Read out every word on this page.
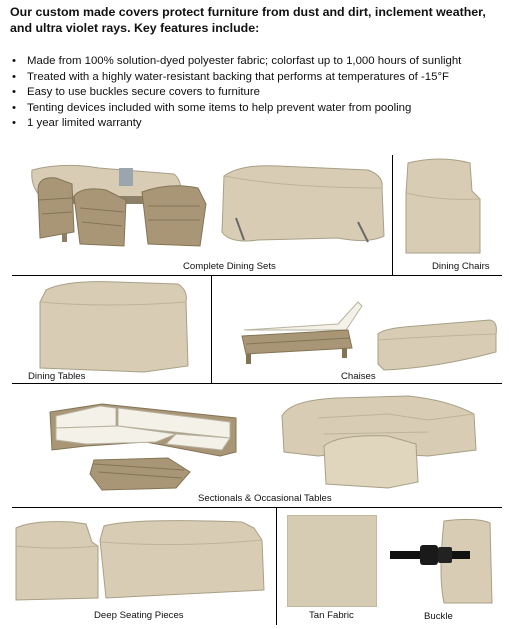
Our custom made covers protect furniture from dust and dirt, inclement weather, and ultra violet rays. Key features include:
• Made from 100% solution-dyed polyester fabric; colorfast up to 1,000 hours of sunlight
• Treated with a highly water-resistant backing that performs at temperatures of -15°F
• Easy to use buckles secure covers to furniture
• Tenting devices included with some items to help prevent water from pooling
• 1 year limited warranty
Complete Dining Sets	Dining Chairs
Dining Tables	Chaises
Sectionals & Occasional Tables
Deep Seating Pieces	Tan Fabric	Buckle
